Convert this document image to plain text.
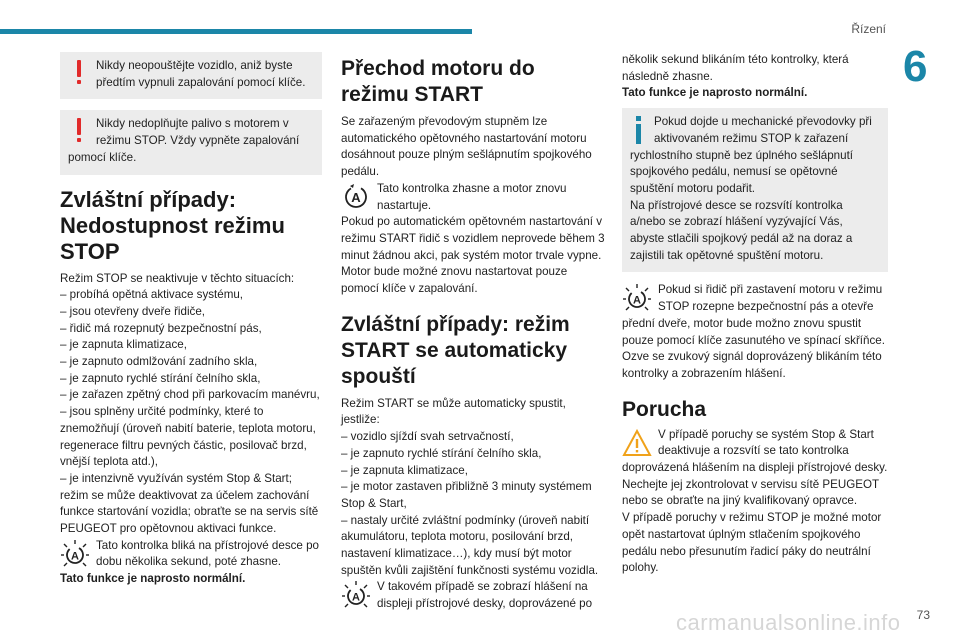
Řízení
6

Nikdy neopouštějte vozidlo, aniž byste předtím vypnuli zapalování pomocí klíče.

Nikdy nedoplňujte palivo s motorem v režimu STOP. Vždy vypněte zapalování pomocí klíče.

Zvláštní případy: Nedostupnost režimu STOP

Režim STOP se neaktivuje v těchto situacích:

– probíhá opětná aktivace systému,

– jsou otevřeny dveře řidiče,

– řidič má rozepnutý bezpečnostní pás,

– je zapnuta klimatizace,

– je zapnuto odmlžování zadního skla,

– je zapnuto rychlé stírání čelního skla,

– je zařazen zpětný chod při parkovacím manévru,

– jsou splněny určité podmínky, které to znemožňují (úroveň nabití baterie, teplota motoru, regenerace filtru pevných částic, posilovač brzd, vnější teplota atd.),

– je intenzivně využíván systém Stop & Start; režim se může deaktivovat za účelem zachování funkce startování vozidla; obraťte se na servis sítě PEUGEOT pro opětovnou aktivaci funkce.

A

Tato kontrolka bliká na přístrojové desce po dobu několika sekund, poté zhasne.

Tato funkce je naprosto normální.

Přechod motoru do režimu START

Se zařazeným převodovým stupněm lze automatického opětovného nastartování motoru dosáhnout pouze plným sešlápnutím spojkového pedálu.

A

Tato kontrolka zhasne a motor znovu nastartuje.

Pokud po automatickém opětovném nastartování v režimu START řidič s vozidlem neprovede během 3 minut žádnou akci, pak systém motor trvale vypne. Motor bude možné znovu nastartovat pouze pomocí klíče v zapalování.

Zvláštní případy: režim START se automaticky spouští

Režim START se může automaticky spustit, jestliže:

– vozidlo sjíždí svah setrvačností,

– je zapnuto rychlé stírání čelního skla,

– je zapnuta klimatizace,

– je motor zastaven přibližně 3 minuty systémem Stop & Start,

– nastaly určité zvláštní podmínky (úroveň nabití akumulátoru, teplota motoru, posilování brzd, nastavení klimatizace…), kdy musí být motor spuštěn kvůli zajištění funkčnosti systému vozidla.

A

V takovém případě se zobrazí hlášení na displeji přístrojové desky, doprovázené po

několik sekund blikáním této kontrolky, která následně zhasne.

Tato funkce je naprosto normální.

Pokud dojde u mechanické převodovky při aktivovaném režimu STOP k zařazení rychlostního stupně bez úplného sešlápnutí spojkového pedálu, nemusí se opětovné spuštění motoru podařit.
Na přístrojové desce se rozsvítí kontrolka a/nebo se zobrazí hlášení vyzývající Vás, abyste stlačili spojkový pedál až na doraz a zajistili tak opětovné spuštění motoru.

A

Pokud si řidič při zastavení motoru v režimu STOP rozepne bezpečnostní pás a otevře přední dveře, motor bude možno znovu spustit pouze pomocí klíče zasunutého ve spínací skříňce. Ozve se zvukový signál doprovázený blikáním této kontrolky a zobrazením hlášení.

Porucha

V případě poruchy se systém Stop & Start deaktivuje a rozsvítí se tato kontrolka doprovázená hlášením na displeji přístrojové desky.

Nechejte jej zkontrolovat v servisu sítě PEUGEOT nebo se obraťte na jiný kvalifikovaný opravce.

V případě poruchy v režimu STOP je možné motor opět nastartovat úplným stlačením spojkového pedálu nebo přesunutím řadicí páky do neutrální polohy.

carmanualsonline.info 73
